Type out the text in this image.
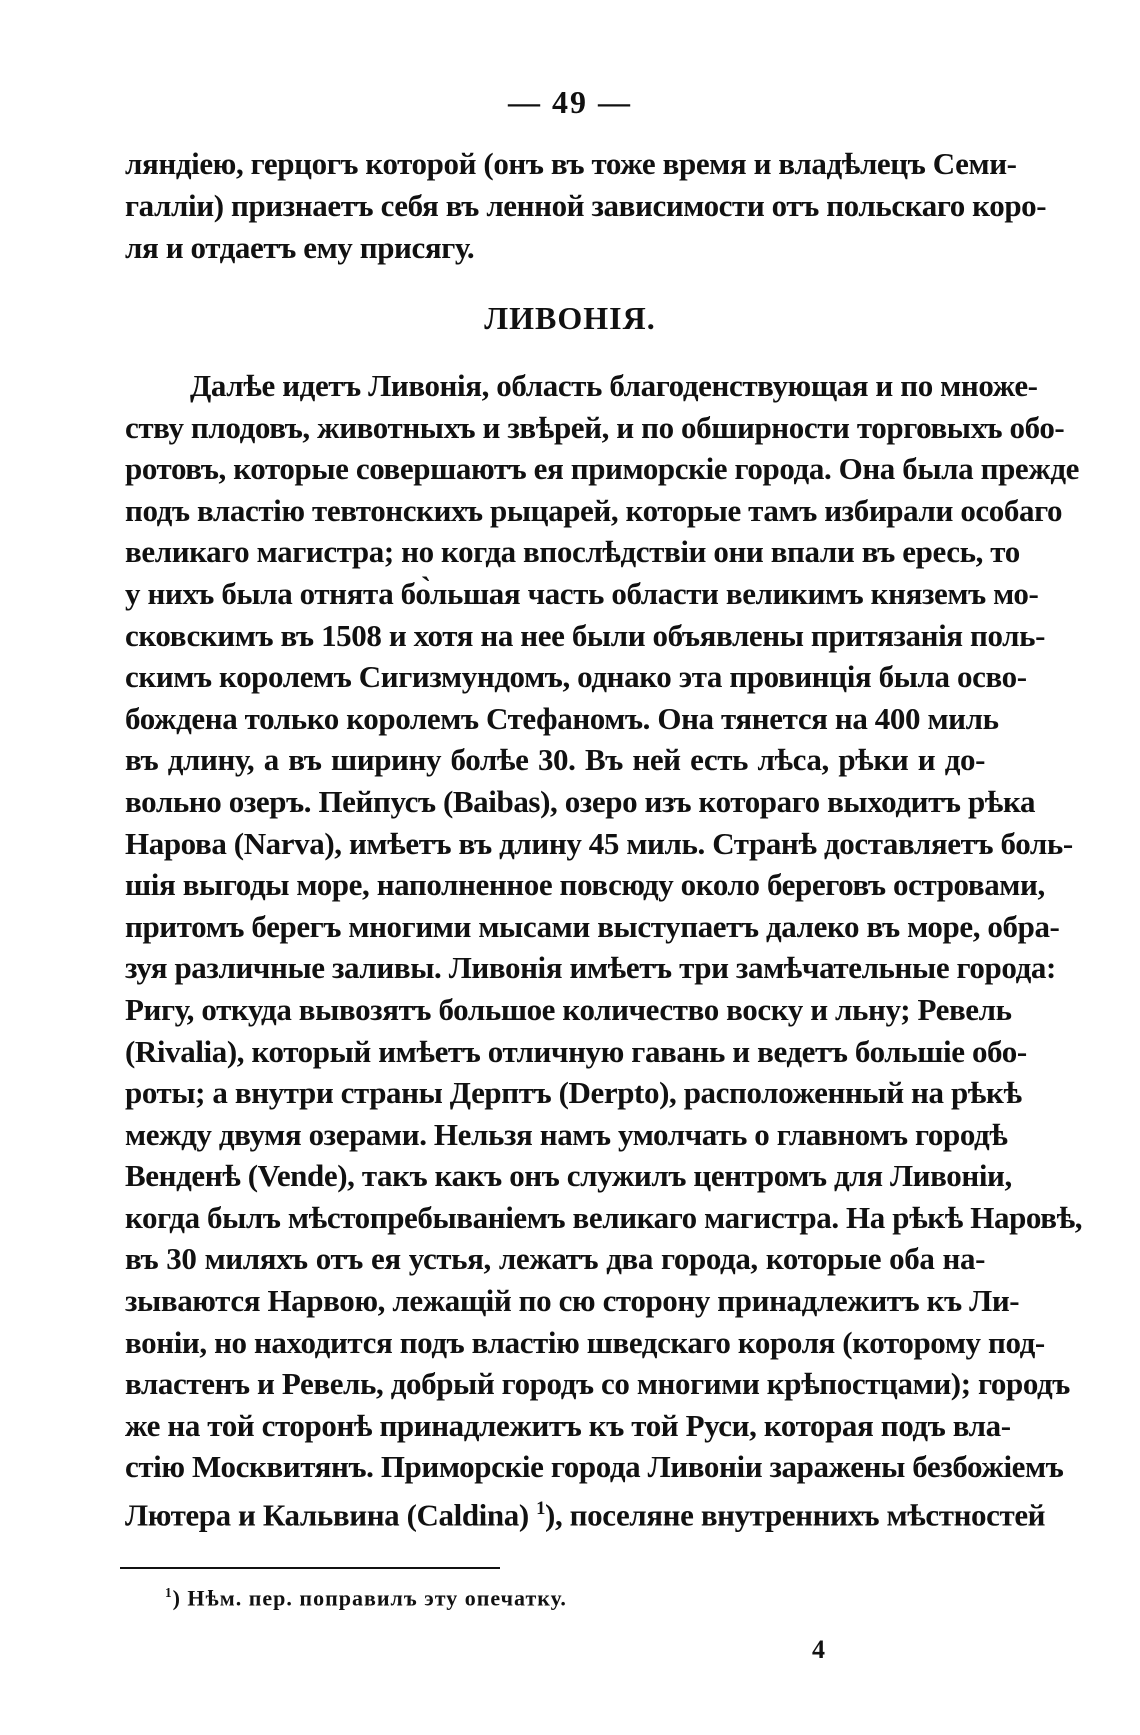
— 49 —
ляндіею, герцогъ которой (онъ въ тоже время и владѣлецъ Семи-
галліи) признаетъ себя въ ленной зависимости отъ польскаго коро-
ля и отдаетъ ему присягу.
ЛИВОНІЯ.
Далѣе идетъ Ливонія, область благоденствующая и по множе-
ству плодовъ, животныхъ и звѣрей, и по обширности торговыхъ обо-
ротовъ, которые совершаютъ ея приморскіе города. Она была прежде
подъ властію тевтонскихъ рыцарей, которые тамъ избирали особаго
великаго магистра; но когда впослѣдствіи они впали въ ересь, то
у нихъ была отнята бо̀льшая часть области великимъ княземъ мо-
сковскимъ въ 1508 и хотя на нее были объявлены притязанія поль-
скимъ королемъ Сигизмундомъ, однако эта провинція была осво-
бождена только королемъ Стефаномъ. Она тянется на 400 миль
въ длину, а въ ширину болѣе 30. Въ ней есть лѣса, рѣки и до-
вольно озеръ. Пейпусъ (Baibas), озеро изъ котораго выходитъ рѣка
Нарова (Narva), имѣетъ въ длину 45 миль. Странѣ доставляетъ боль-
шія выгоды море, наполненное повсюду около береговъ островами,
притомъ берегъ многими мысами выступаетъ далеко въ море, обра-
зуя различные заливы. Ливонія имѣетъ три замѣчательные города:
Ригу, откуда вывозятъ большое количество воску и льну; Ревель
(Rivalia), который имѣетъ отличную гавань и ведетъ большіе обо-
роты; а внутри страны Дерптъ (Derpto), расположенный на рѣкѣ
между двумя озерами. Нельзя намъ умолчать о главномъ городѣ
Венденѣ (Vende), такъ какъ онъ служилъ центромъ для Ливоніи,
когда былъ мѣстопребываніемъ великаго магистра. На рѣкѣ Наровѣ,
въ 30 миляхъ отъ ея устья, лежатъ два города, которые оба на-
зываются Нарвою, лежащій по сю сторону принадлежитъ къ Ли-
воніи, но находится подъ властію шведскаго короля (которому под-
властенъ и Ревель, добрый городъ со многими крѣпостцами); городъ
же на той сторонѣ принадлежитъ къ той Руси, которая подъ вла-
стію Москвитянъ. Приморскіе города Ливоніи заражены безбожіемъ
Лютера и Кальвина (Caldina) $^1$), поселяне внутреннихъ мѣстностей
$^1$) Нѣм. пер. поправилъ эту опечатку.
4
